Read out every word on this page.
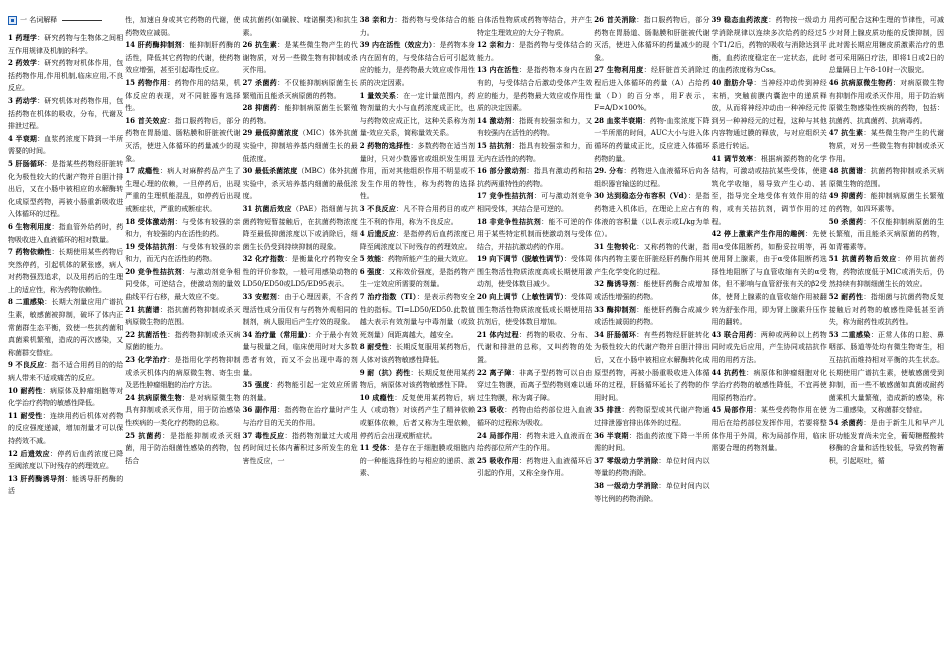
一 名词解释

1 药理学：研究药物与生物体之间相互作用规律及机制的科学。

2 药效学：研究药物对机体作用，包括药物作用,作用机制,临床应用,不良反应。

3 药动学：研究机体对药物作用，包括药物在机体的吸收，分布，代谢及排泄过程。

4 半衰期：血浆药浓度下降到一半所需要的时间。

5 肝肠循环：是指某些药物经肝脏转化为极性较大的代谢产物并自胆汁排出后，又在小肠中被相应的水解酶转化成原型药物，再被小肠重新吸收进入体循环的过程。

6 生物利用度：指血管外给药时，药物吸收进入血液循环的相对数量。

7 药物依赖性：长期使用某些药物后突然停药，引起机体的紧张感，病人对药物强烈追求，以及用药后的生理上的适应性，称为药物依赖性。

8 二重感染：长期大剂量应用广谱抗生素，敏感菌被抑制，破坏了体内正常菌群生态平衡，致使一些抗药菌和真菌乘机繁殖，造成的再次感染，又称菌群交替症。

9 不良反应：指不适合用药目的的给病人带来不适或痛苦的反应。

10 耐药性：病原体及肿瘤细胞等对化学治疗药物的敏感性降低。

11 耐受性：连续用药后机体对药物的反应强度递减，增加剂量才可以保持药效不减。

12 后遗效应：停药后血药浓度已降至阈浓度以下时残存的药理效应。

13 肝药酶诱导剂：能诱导肝药酶的活

性，加速自身或其它药物的代谢，使药物效应减弱。

14 肝药酶抑制剂：能抑制肝药酶的活性，降低其它药物的代谢，使药物效应增强，甚至引起毒性反应。

15 药物作用：药物作用的结果，机体反应的表现，对不同脏器有选择性。

16 首关效应：指口服药物后，部分药物在胃肠道、肠粘膜和肝脏被代谢灭活，使进入体循环的药量减少的现象。

17 成瘾性：病人对麻醉药品产生了生理心理的依赖，一旦停药后，出现严重的生理机能混乱，如停药后出现戒断症状，严重的戒断症状。

18 受体激动剂：与受体有较强的亲和力，有较强的内在活性的药。

19 受体拮抗剂：与受体有较强的亲和力，而无内在活性的药物。

20 竞争性拮抗剂：与激动剂竞争相同受体，可逆结合，使激动剂的量效曲线平行右移，最大效应不变。

21 抗菌谱：指抗菌药物抑制或杀灭病原微生物的范围。

22 抗菌活性：指药物抑制或杀灭病原菌的能力。

23 化学治疗：是指用化学药物抑制或杀灭机体内的病原微生物、寄生虫及恶性肿瘤细胞的治疗方法。

24 抗病原微生物：是对病原微生物具有抑制或杀灭作用，用于防治感染性疾病的一类化疗药物的总称。

25 抗菌药：是指能抑制或杀灭细菌，用于防治细菌性感染的药物，包括合

成抗菌药(如磺胺、喹诺酮类)和抗生素。

26 抗生素：是某些微生物产生的代谢物质，对另一些微生物有抑制或杀灭作用。

27 杀菌药：不仅能抑制病原菌生长繁殖而且能杀灭病原菌的药物。

28 抑菌药：能抑制病原菌生长繁殖的药物。

29 最低抑菌浓度（MIC）体外抗菌实验中，抑制培养基内细菌生长的最低浓度。

30 最低杀菌浓度（MBC）体外抗菌实验中，杀灭培养基内细菌的最低浓度。

31 抗菌后效应（PAE）指细菌与抗菌药物短暂接触后，在抗菌药物浓度降至最低抑菌浓度以下或消除后，细菌生长仍受到持续抑制的现象。

32 化疗指数：是衡量化疗药物安全性的评价参数，一般可用感染动物的LD50/ED50或LD5/ED95表示。

33 安慰剂：由于心理因素，不含药理活性成分而仅有与药物外观相同的制剂，病人服用后产生疗效的现象。

34 治疗量（常用量）：介于最小有效量与极量之间，临床使用时对大多数患者有效，而又不会出现中毒的剂量。

35 强度：药物能引起一定效应所需的剂量。

36 副作用：指药物在治疗量时产生与治疗目的无关的作用。

37 毒性反应：指药物剂量过大或用药时间过长体内蓄积过多所发生的危害性反应，一

38 亲和力：指药物与受体结合的能力。

39 内在活性（效应力）：是药物本身内在固有的，与受体结合后可引起效应的能力，是药物最大效应或作用性质的决定因素。

1 量效关系：在一定计量范围内，药物剂量的大小与血药浓度成正比，也与药物效应成正比，这种关系称为剂量-效应关系，简称量效关系。

2 药物的选择性：多数药物在适当剂量时，只对少数器官或组织发生明显作用，而对其他组织作用不明显或不发生作用的特性，称为药物的选择性。

3 不良反应：凡不符合用药目的或产生不利的作用，称为不良反应。

4 后遗反应：是指停药后血药浓度已降至阈浓度以下时残存的药理效应。

5 效能：药物所能产生的最大效应。

6 强度：又称效价强度，是指药物产生一定效应所需要的剂量。

7 治疗指数（TI）：是表示药物安全性的指标。TI=LD50/ED50.此数值越大表示有效剂量与中毒剂量（或致死剂量）间距离越大，越安全。

8 耐受性：长期反复服用某药物后，人体对该药物敏感性降低。

9 耐（抗）药性：长期反复使用某药物后，病原体对该药物敏感性下降。

10 成瘾性：反复使用某药物后，病人（或动物）对该药产生了精神依赖或躯体依赖，后者又称为生理依赖，停药后会出现戒断症状。

11 受体：是存在于细胞膜或细胞内的一种能选择性的与相应的递质、激素、

自体活性物质或药物等结合，并产生特定生理效应的大分子物质。

12 亲和力：是指药物与受体结合的能力。

13 内在活性：是指药物本身内在固有的，与受体结合后激动受体产生效应的能力，是药物最大效应或作用性质的决定因素。

14 激动剂：指既有较强亲和力，又有较强内在活性的药物。

15 拮抗剂：指具有较强亲和力，而无内在活性的药物。

16 部分激动剂：指具有激动药和拮抗药两重特性的药物。

17 竞争性拮抗剂：可与激动剂竞争相同受体，其结合是可逆的。

18 非竞争性拮抗剂：能不可逆的作用于某些特定机制而使激动剂与受体结合，并拮抗激动药的作用。

19 向下调节（脱敏性调节）：受体周围生物活性物质浓度高或长期使用激动剂，使受体数目减少。

20 向上调节（上敏性调节）：受体周围生物活性物质浓度低或长期使用拮抗剂后，使受体数目增加。

21 体内过程：药物的吸收、分布、代谢和排泄的总称，又叫药物的处置。

22 离子障：非离子型药物可以自由穿过生物膜，而离子型药物则难以通过生物膜，称为离子障。

23 吸收：药物由给药部位进入血液循环的过程称为吸收。

24 局部作用：药物未进入血液而在给药部位所产生的作用。

25 吸收作用：药物进入血液循环后引起的作用，又称全身作用。

26 首关消除：指口服药物后，部分药物在胃肠道、肠黏膜和肝脏被代谢灭活，使进入体循环的药量减少的现象。

27 生物利用度：经肝脏首关消除过程后进入体循环的药量（A）占给药量（D）的百分率，用F表示，F=A/D×100%。

28 血浆半衰期：药物-血浆浓度下降一半所需的时间，AUC大小与进入体循环的药量成正比，反应进入体循环药物的量。

29. 分布：药物进入血液循环后向各组织器官输送的过程。

30 达到稳态分布容积（Vd）：是指药物进入机体后，在理论上应占有的体液的容积量（以L表示或L/kg为单位）。

31 生物转化：又称药物的代谢，指体内药物主要在肝脏经肝药酶作用其产生化学变化的过程。

32 酶诱导剂：能使肝药酶合成增加或活性增强的药物。

33 酶抑制剂：能使肝药酶合成减少或活性减弱的药物。

34 肝肠循环：有些药物经肝脏转化为极性较大的代谢产物并自胆汁排出后，又在小肠中被相应水解酶转化成原型药物，再被小肠重吸收进入体循环的过程，肝肠循环延长了药物的作用时间。

35 排泄：药物原型或其代谢产物通过排泄器官排出体外的过程。

36 半衰期：指血药浓度下降一半所需的时间。

37 零级动力学消除：单位时间内以等量的药物消除。

38 一级动力学消除：单位时间内以等比例的药物消除。

39 稳态血药浓度：药物按一级动力学消除规律以连续多次给药的经过5个T1/2后，药物的吸收与消除达到平衡，血药浓度稳定在一定状态，此时的血药浓度称为Css。

40 脂肪介导：当神经冲动传到神经末梢，突触前膜内囊泡中的递质释放，从而将神经冲动由一种神经元传到另一种神经元的过程，这种与其他内容物通过膜的释放，与对应组织关系进行转运。

41 调节效率：根据病源药物的化学结构，可激动或拮抗某些受体，使建筑化学收缩，易导致产生心动、甚至，指导完全地受体有效作用的结构，或有关拮抗剂，调节作用的过程。

42 停上激素产生作用的趣例：先使用α受体阻断药，如酚妥拉明等，再使用肾上腺素，由于α受体阻断药选择性地阻断了与血管收缩有关的α受体，但不影响与血管舒张有关的β2受体，使肾上腺素的血管收缩作用被翻转为舒张作用，即为肾上腺素升压作用的翻转。

43 联合用药：两种或两种以上药物同时或先后应用，产生协同或拮抗作用的用药方法。

44 抗药性：病原体和肿瘤细胞对化学治疗药物的敏感性降低，不宜再使用原药物治疗。

45 局部作用：某些受药物作用在使用后在给药部位发挥作用，若要将整体作用于外周，称为局部作用，临床需要合理的药物剂量。

用药可配合这种生理的节律性，可减少对肾上腺皮质功能的反馈抑制，因此对需长期应用糖皮质激素治疗的患者可采用隔日疗法，即将1日或2日的总量隔日上午8-10时一次服完。

46 抗病原微生物药：对病原微生物有抑制作用或杀灭作用，用于防治病原微生物感染性疾病的药物，包括：抗菌药、抗真菌药、抗病毒药。

47 抗生素：某些微生物产生的代谢物质，对另一些微生物有抑制或杀灭作用。

48 抗菌谱：抗菌药物抑制或杀灭病原微生物的范围。

49 抑菌药：能抑制病原菌生长繁殖的药物，如四环素等。

50 杀菌药：不仅能抑制病原菌的生长繁殖，而且能杀灭病原菌的药物，如青霉素等。

51 抗菌药物后效应：停用抗菌药物，药物浓度低于MIC或消失后，仍然持续有抑制细菌生长的效应。

52 耐药性：指细菌与抗菌药物反复接触后对药物的敏感性降低甚至消失，称为耐药性或抗药性。

53 二重感染：正常人体的口腔、鼻咽部、肠道等处均有微生物寄生，相互拮抗而维持相对平衡的共生状态。长期使用广谱抗生素，使敏感菌受到抑制，而一些不敏感菌如真菌或耐药菌乘机大量繁殖，造成新的感染，称为二重感染，又称菌群交替症。

54 杀菌药：是由于新生儿和早产儿肝功能发育尚未完全，葡萄糖醛酸转移酶的含量和活性较低，导致药物蓄积，引起呕吐，循
